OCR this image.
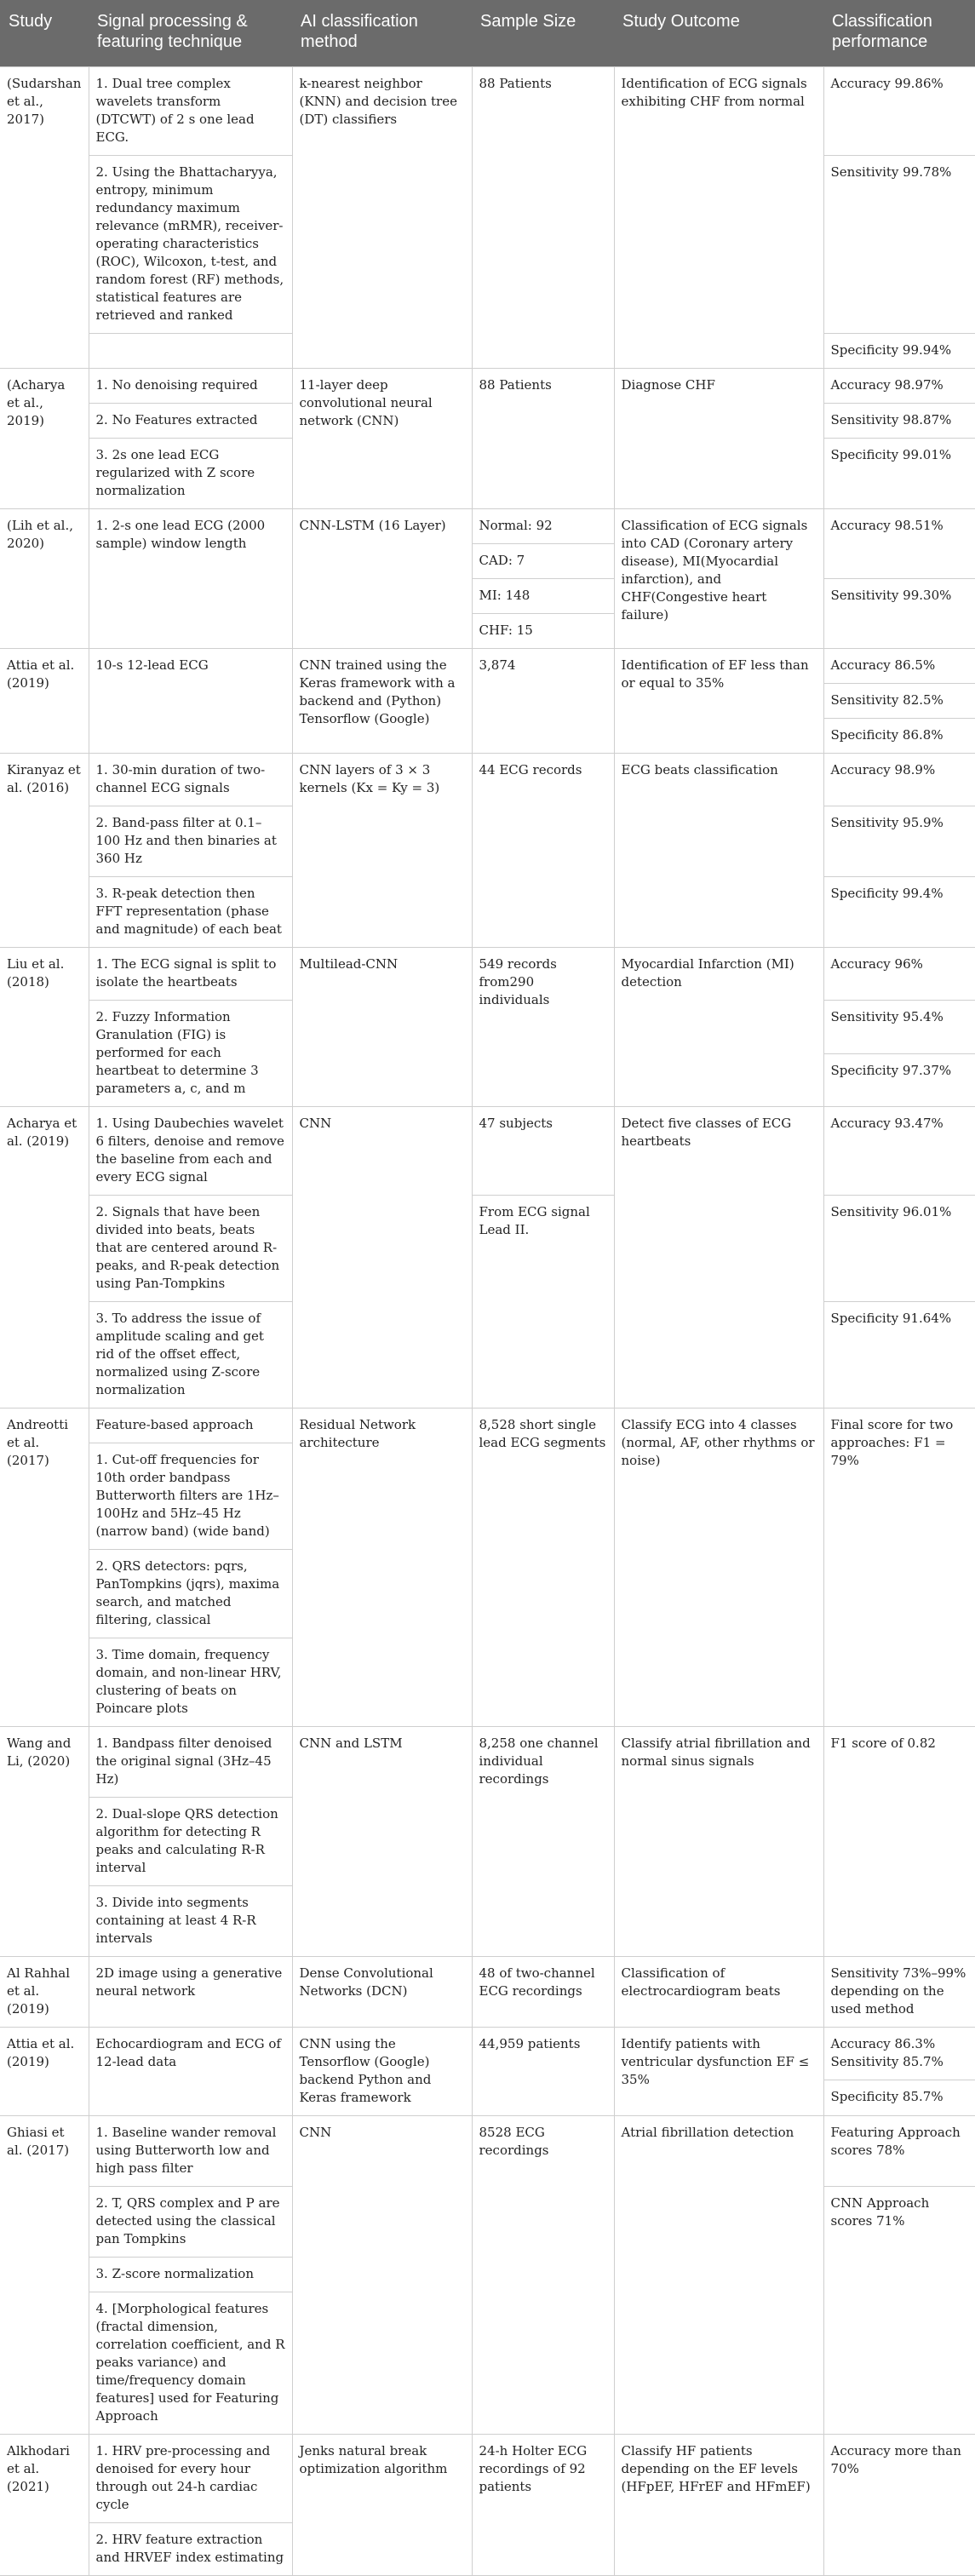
Study	Signal processing & featuring technique	AI classification method	Sample Size	Study Outcome	Classification performance
(Sudarshan et al., 2017)	1. Dual tree complex wavelets transform (DTCWT) of 2 s one lead ECG.	k-nearest neighbor (KNN) and decision tree (DT) classifiers	88 Patients	Identification of ECG signals exhibiting CHF from normal	Accuracy 99.86%
	2. Using the Bhattacharyya, entropy, minimum redundancy maximum relevance (mRMR), receiver-operating characteristics (ROC), Wilcoxon, t-test, and random forest (RF) methods, statistical features are retrieved and ranked				Sensitivity 99.78%
					Specificity 99.94%
(Acharya et al., 2019)	1. No denoising required	11-layer deep convolutional neural network (CNN)	88 Patients	Diagnose CHF	Accuracy 98.97%
	2. No Features extracted				Sensitivity 98.87%
	3. 2s one lead ECG regularized with Z score normalization				Specificity 99.01%
(Lih et al., 2020)	1. 2-s one lead ECG (2000 sample) window length	CNN-LSTM (16 Layer)	Normal: 92	Classification of ECG signals into CAD (Coronary artery disease), MI(Myocardial infarction), and CHF(Congestive heart failure)	Accuracy 98.51%
			CAD: 7		
			MI: 148		Sensitivity 99.30%
			CHF: 15		

Attia et al. (2019)	10-s 12-lead ECG	CNN trained using the Keras framework with a backend and (Python) Tensorflow (Google)	3,874	Identification of EF less than or equal to 35%	Accuracy 86.5%
					Sensitivity 82.5%
					Specificity 86.8%
Kiranyaz et al. (2016)	1. 30-min duration of two-channel ECG signals	CNN layers of 3 × 3 kernels (Kx = Ky = 3)	44 ECG records	ECG beats classification	Accuracy 98.9%
	2. Band-pass filter at 0.1–100 Hz and then binaries at 360 Hz				Sensitivity 95.9%
	3. R-peak detection then FFT representation (phase and magnitude) of each beat				Specificity 99.4%
Liu et al. (2018)	1. The ECG signal is split to isolate the heartbeats	Multilead-CNN	549 records from290 individuals	Myocardial Infarction (MI) detection	Accuracy 96%
	2. Fuzzy Information Granulation (FIG) is performed for each heartbeat to determine 3 parameters a, c, and m				Sensitivity 95.4%
					Specificity 97.37%
Acharya et al. (2019)	1. Using Daubechies wavelet 6 filters, denoise and remove the baseline from each and every ECG signal	CNN	47 subjects	Detect five classes of ECG heartbeats	Accuracy 93.47%
	2. Signals that have been divided into beats, beats that are centered around R-peaks, and R-peak detection using Pan-Tompkins		From ECG signal Lead II.		Sensitivity 96.01%
	3. To address the issue of amplitude scaling and get rid of the offset effect, normalized using Z-score normalization				Specificity 91.64%
Andreotti et al. (2017)	Feature-based approach	Residual Network architecture	8,528 short single lead ECG segments	Classify ECG into 4 classes (normal, AF, other rhythms or noise)	Final score for two approaches: F1 = 79%
	1. Cut-off frequencies for 10th order bandpass Butterworth filters are 1Hz–100Hz and 5Hz–45 Hz (narrow band) (wide band)				
	2. QRS detectors: pqrs, PanTompkins (jqrs), maxima search, and matched filtering, classical				
	3. Time domain, frequency domain, and non-linear HRV, clustering of beats on Poincare plots				
Wang and Li, (2020)	1. Bandpass filter denoised the original signal (3Hz–45 Hz)	CNN and LSTM	8,258 one channel individual recordings	Classify atrial fibrillation and normal sinus signals	F1 score of 0.82
	2. Dual-slope QRS detection algorithm for detecting R peaks and calculating R-R interval				
	3. Divide into segments containing at least 4 R-R intervals				
Al Rahhal et al. (2019)	2D image using a generative neural network	Dense Convolutional Networks (DCN)	48 of two-channel ECG recordings	Classification of electrocardiogram beats	Sensitivity 73%–99% depending on the used method
Attia et al. (2019)	Echocardiogram and ECG of 12-lead data	CNN using the Tensorflow (Google) backend Python and Keras framework	44,959 patients	Identify patients with ventricular dysfunction EF ≤ 35%	Accuracy 86.3% Sensitivity 85.7%
					Specificity 85.7%
Ghiasi et al. (2017)	1. Baseline wander removal using Butterworth low and high pass filter	CNN	8528 ECG recordings	Atrial fibrillation detection	Featuring Approach scores 78%
	2. T, QRS complex and P are detected using the classical pan Tompkins				CNN Approach scores 71%
	3. Z-score normalization				
	4. [Morphological features (fractal dimension, correlation coefficient, and R peaks variance) and time/frequency domain features] used for Featuring Approach				
Alkhodari et al. (2021)	1. HRV pre-processing and denoised for every hour through out 24-h cardiac cycle	Jenks natural break optimization algorithm	24-h Holter ECG recordings of 92 patients	Classify HF patients depending on the EF levels (HFpEF, HFrEF and HFmEF)	Accuracy more than 70%
	2. HRV feature extraction and HRVEF index estimating				
